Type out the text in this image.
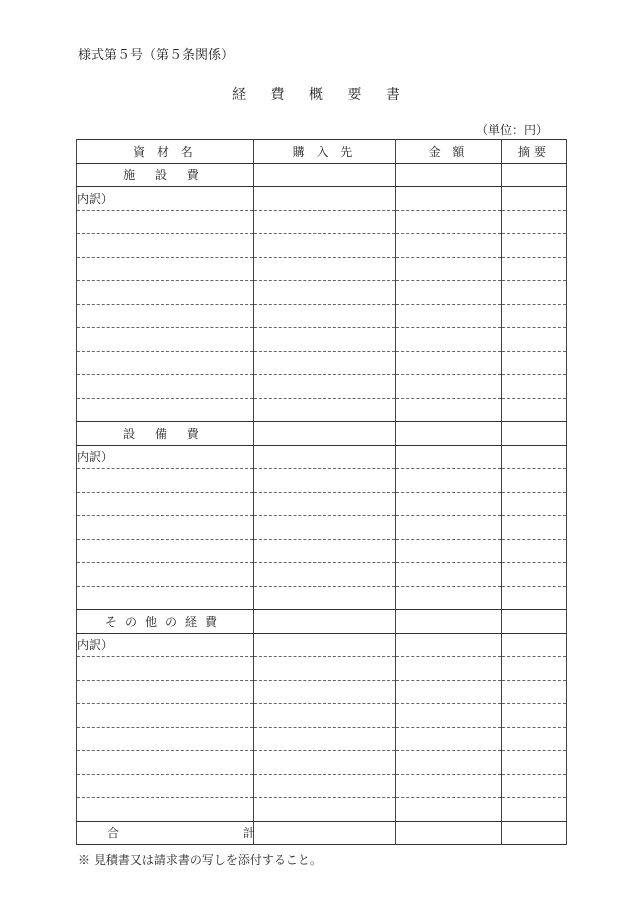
様式第５号（第５条関係）
経 費 概 要 書
（単位：円）
資 材 名	購 入 先	金 額	摘要
施 設 費			
内訳）			

設 備 費			
内訳）			

その他の経費			
内訳）			

合 計			
※ 見積書又は請求書の写しを添付すること。
